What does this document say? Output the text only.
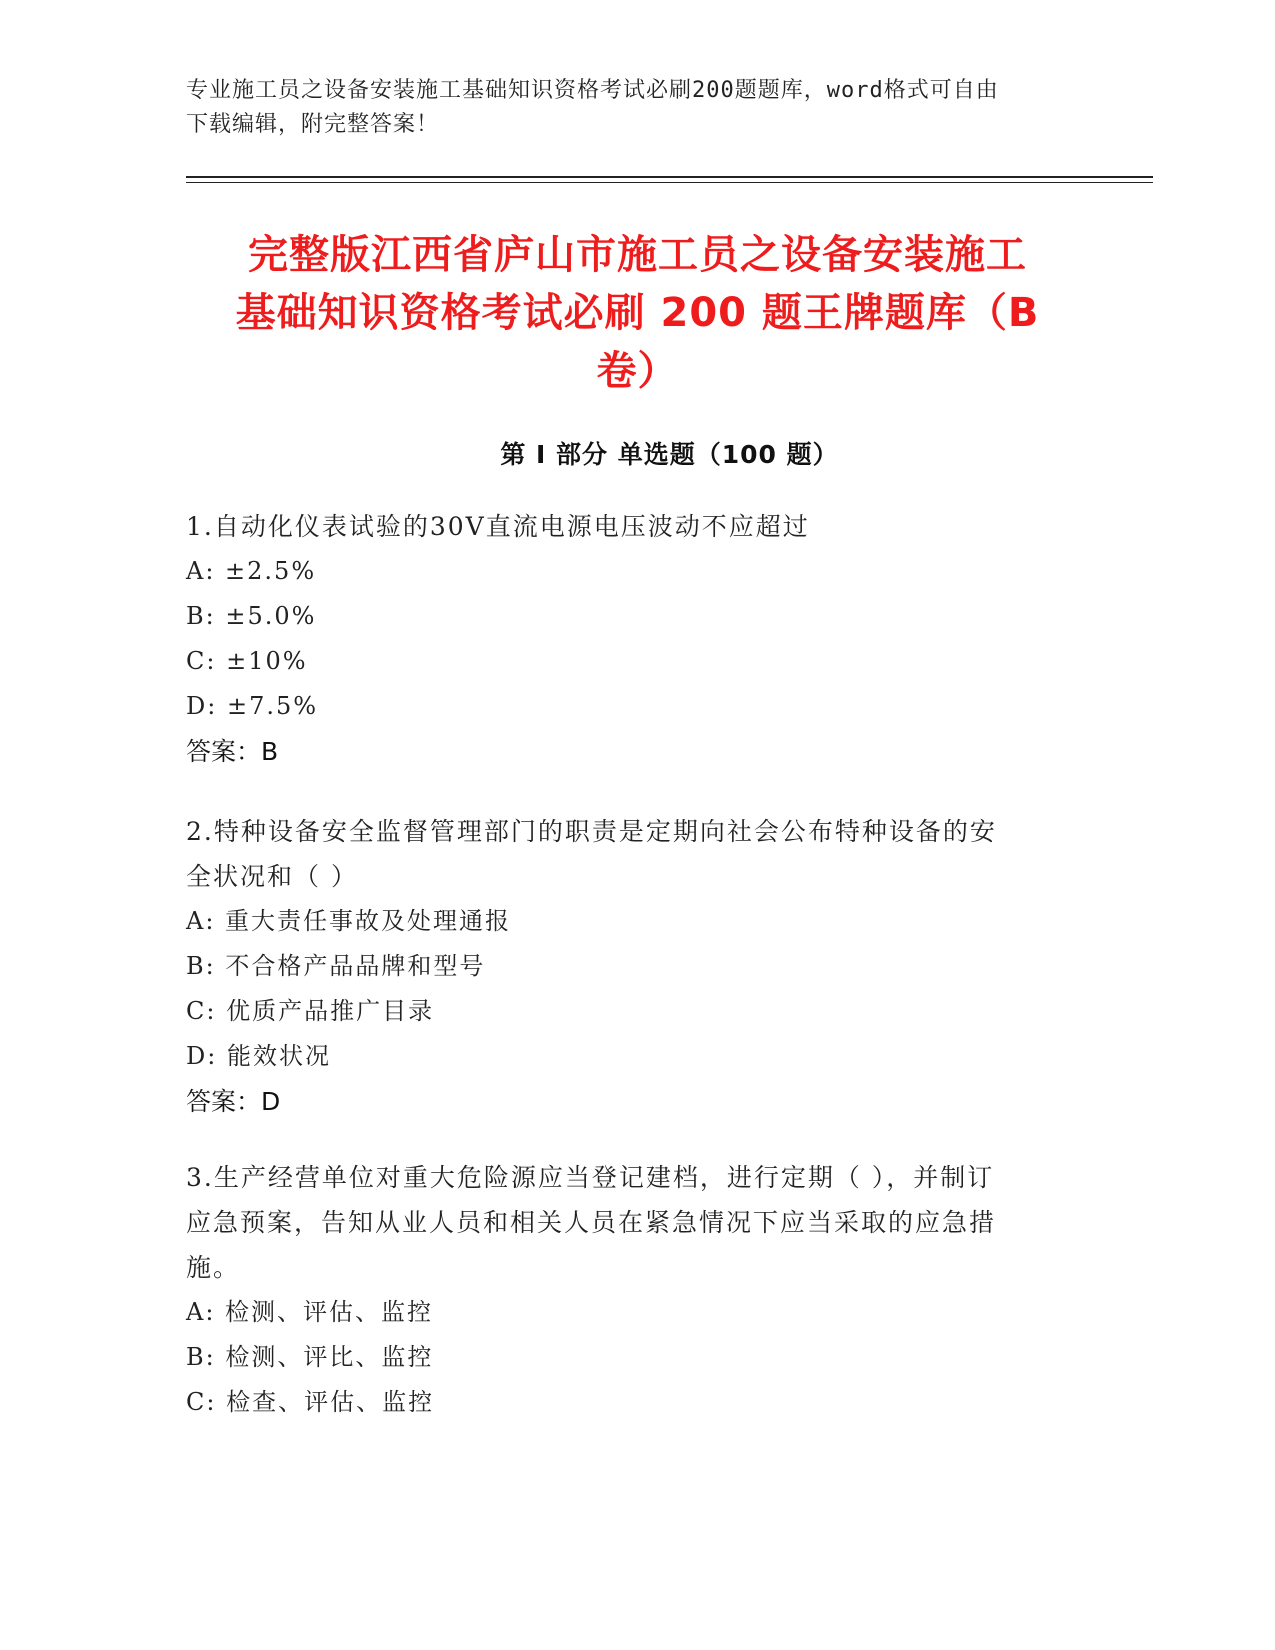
专业施工员之设备安装施工基础知识资格考试必刷200题题库，word格式可自由
下载编辑，附完整答案！
完整版江西省庐山市施工员之设备安装施工
基础知识资格考试必刷 200 题王牌题库（B
卷）
第 I 部分 单选题（100 题）

1.自动化仪表试验的30V直流电源电压波动不应超过

A: ±2.5%

B: ±5.0%

C: ±10%

D: ±7.5%

答案：B

2.特种设备安全监督管理部门的职责是定期向社会公布特种设备的安

全状况和（ ）

A: 重大责任事故及处理通报

B: 不合格产品品牌和型号

C: 优质产品推广目录

D: 能效状况

答案：D

3.生产经营单位对重大危险源应当登记建档，进行定期（ ），并制订

应急预案，告知从业人员和相关人员在紧急情况下应当采取的应急措

施。

A: 检测、评估、监控

B: 检测、评比、监控

C: 检查、评估、监控
